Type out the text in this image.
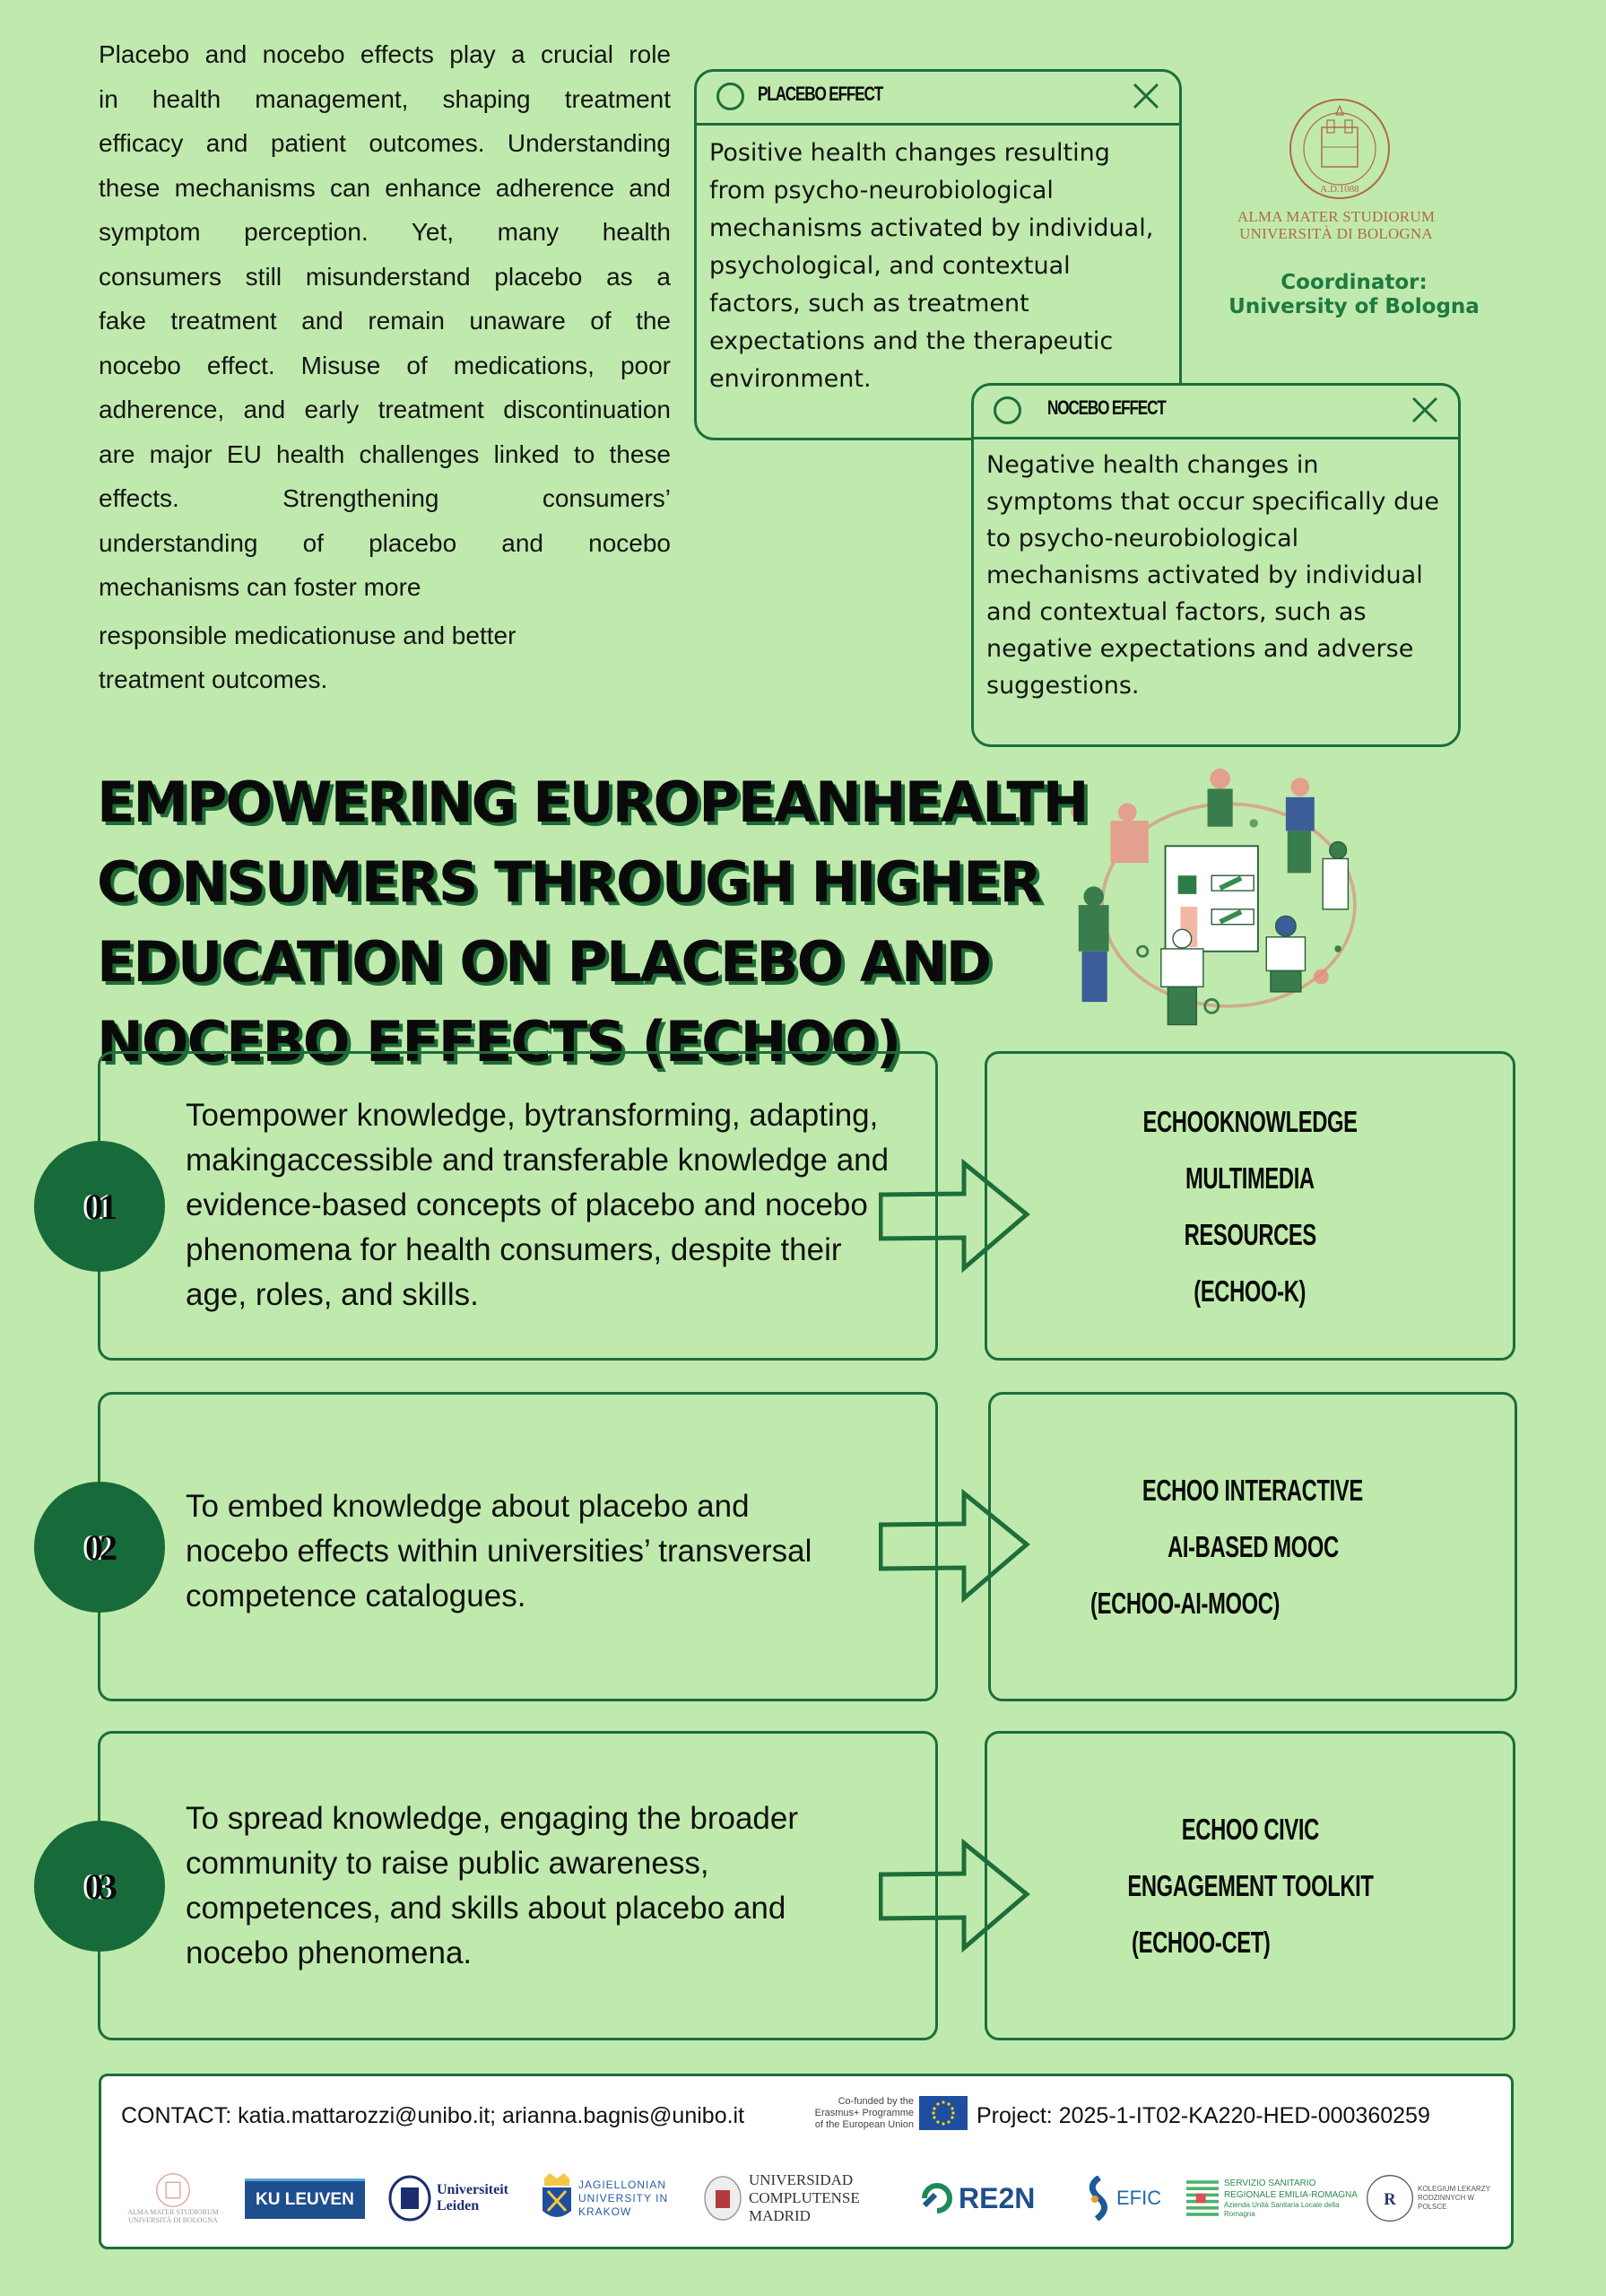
Placebo and nocebo effects play a crucial role
in health management, shaping treatment
efficacy and patient outcomes. Understanding
these mechanisms can enhance adherence and
symptom perception. Yet, many health
consumers still misunderstand placebo as a
fake treatment and remain unaware of the
nocebo effect. Misuse of medications, poor
adherence, and early treatment discontinuation
are major EU health challenges linked to these
effects. Strengthening consumers’
understanding of placebo and nocebo
mechanisms can foster more
responsible medicationuse and better
treatment outcomes.
PLACEBO EFFECT
Positive health changes resulting from psycho-neurobiological mechanisms activated by individual, psychological, and contextual factors, such as treatment expectations and the therapeutic environment.
NOCEBO EFFECT
Negative health changes in symptoms that occur specifically due to psycho-neurobiological mechanisms activated by individual and contextual factors, such as negative expectations and adverse suggestions.
A.D.1088
ALMA MATER STUDIORUM
UNIVERSITÀ DI BOLOGNA
Coordinator:
University of Bologna
EMPOWERING EUROPEANHEALTH
CONSUMERS THROUGH HIGHER
EDUCATION ON PLACEBO AND
NOCEBO EFFECTS (ECHOO)
Toempower knowledge, bytransforming, adapting, makingaccessible and transferable knowledge and evidence-based concepts of placebo and nocebo phenomena for health consumers, despite their age, roles, and skills.
01
ECHOOKNOWLEDGE
MULTIMEDIA
RESOURCES
(ECHOO-K)
To embed knowledge about placebo and nocebo effects within universities’ transversal competence catalogues.
02
ECHOO INTERACTIVE
AI-BASED MOOC
(ECHOO-AI-MOOC)
To spread knowledge, engaging the broader community to raise public awareness, competences, and skills about placebo and nocebo phenomena.
03
ECHOO CIVIC
ENGAGEMENT TOOLKIT
(ECHOO-CET)
CONTACT: katia.mattarozzi@unibo.it; arianna.bagnis@unibo.it
Co-funded by the Erasmus+ Programme of the European Union	Project: 2025-1-IT02-KA220-HED-000360259
ALMA MATER STUDIORUM UNIVERSITÀ DI BOLOGNA
KU LEUVEN	Universiteit Leiden
JAGIELLONIAN UNIVERSITY IN KRAKOW
UNIVERSIDAD COMPLUTENSE MADRID
RE2N	EFIC
SERVIZIO SANITARIO REGIONALE EMILIA-ROMAGNA
Azienda Unità Sanitaria Locale della Romagna
R
KOLEGIUM LEKARZY RODZINNYCH W POLSCE
